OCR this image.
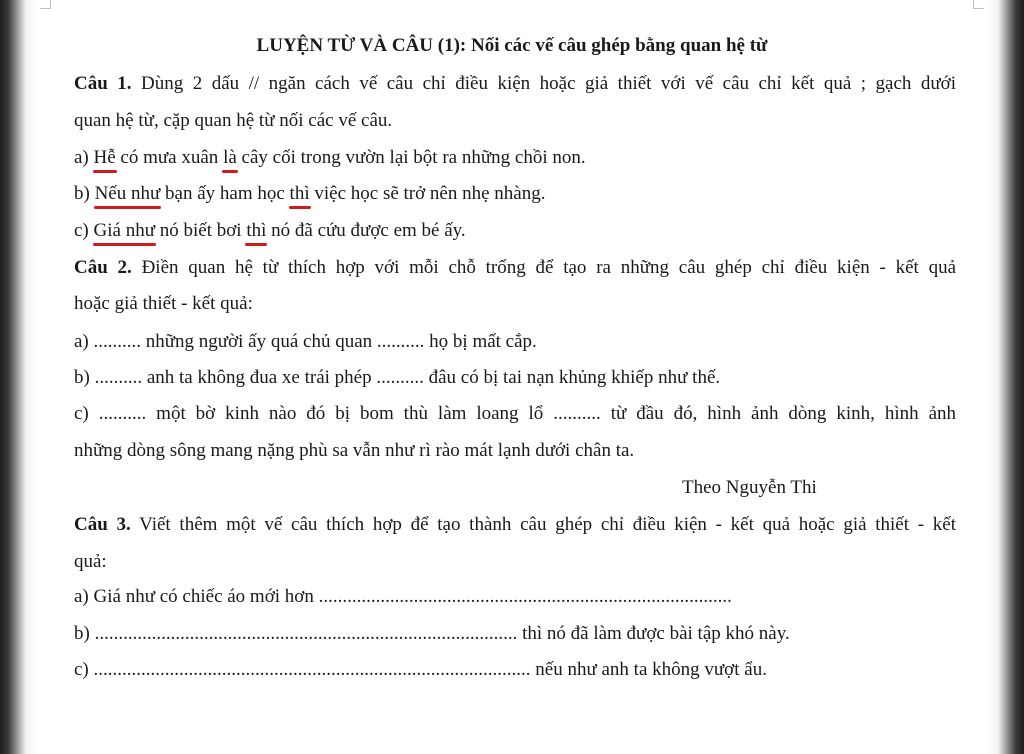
LUYỆN TỪ VÀ CÂU (1): Nối các vế câu ghép bằng quan hệ từ
Câu 1. Dùng 2 dấu // ngăn cách vế câu chỉ điều kiện hoặc giả thiết với vế câu chỉ kết quả ; gạch dưới
quan hệ từ, cặp quan hệ từ nối các vế câu.
a) Hễ có mưa xuân là cây cối trong vườn lại bột ra những chồi non.
b) Nếu như bạn ấy ham học thì việc học sẽ trở nên nhẹ nhàng.
c) Giá như nó biết bơi thì nó đã cứu được em bé ấy.
Câu 2. Điền quan hệ từ thích hợp với mỗi chỗ trống để tạo ra những câu ghép chỉ điều kiện - kết quả
hoặc giả thiết - kết quả:
a) .......... những người ấy quá chủ quan .......... họ bị mất cắp.
b) .......... anh ta không đua xe trái phép .......... đâu có bị tai nạn khủng khiếp như thế.
c) .......... một bờ kinh nào đó bị bom thù làm loang lổ .......... từ đầu đó, hình ảnh dòng kinh, hình ảnh
những dòng sông mang nặng phù sa vẫn như rì rào mát lạnh dưới chân ta.
Theo Nguyễn Thi
Câu 3. Viết thêm một vế câu thích hợp để tạo thành câu ghép chỉ điều kiện - kết quả hoặc giả thiết - kết
quả:
a) Giá như có chiếc áo mới hơn .......................................................................................
b) ......................................................................................... thì nó đã làm được bài tập khó này.
c) ............................................................................................ nếu như anh ta không vượt ẩu.
